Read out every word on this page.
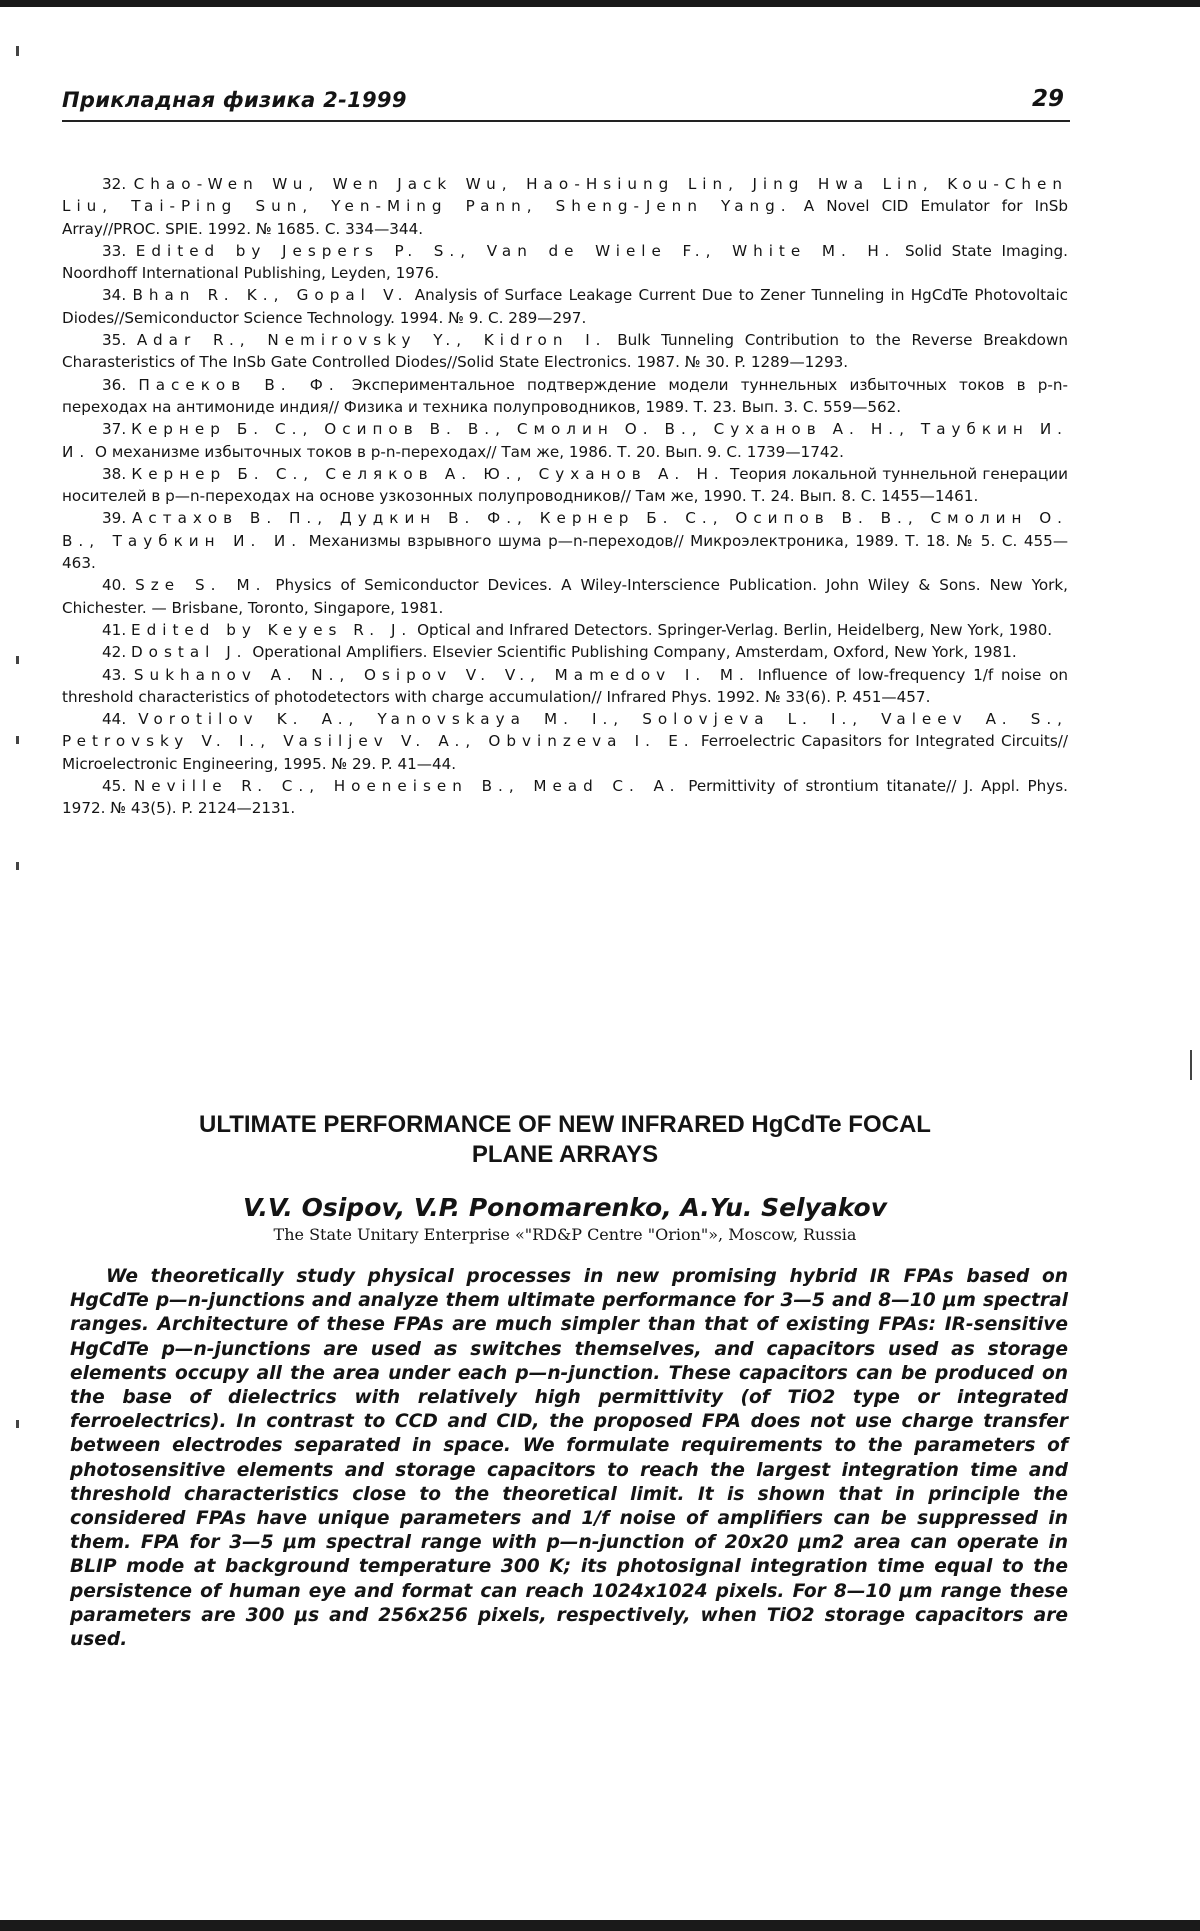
Прикладная физика 2-1999	29

32. Chao-Wen Wu, Wen Jack Wu, Hao-Hsiung Lin, Jing Hwa Lin, Kou-Chen Liu, Tai-Ping Sun, Yen-Ming Pann, Sheng-Jenn Yang. A Novel CID Emulator for InSb Array//PROC. SPIE. 1992. № 1685. C. 334—344.

33. Edited by Jespers P. S., Van de Wiele F., White M. H. Solid State Imaging. Noordhoff International Publishing, Leyden, 1976.

34. Bhan R. K., Gopal V. Analysis of Surface Leakage Current Due to Zener Tunneling in HgCdTe Photovoltaic Diodes//Semiconductor Science Technology. 1994. № 9. C. 289—297.

35. Adar R., Nemirovsky Y., Kidron I. Bulk Tunneling Contribution to the Reverse Breakdown Charasteristics of The InSb Gate Controlled Diodes//Solid State Electronics. 1987. № 30. P. 1289—1293.

36. Пасеков В. Ф. Экспериментальное подтверждение модели туннельных избыточных токов в p-n-переходах на антимониде индия// Физика и техника полупроводников, 1989. Т. 23. Вып. 3. С. 559—562.

37. Кернер Б. С., Осипов В. В., Смолин О. В., Суханов А. Н., Таубкин И. И. О механизме избыточных токов в p-n-переходах// Там же, 1986. Т. 20. Вып. 9. С. 1739—1742.

38. Кернер Б. С., Селяков А. Ю., Суханов А. Н. Теория локальной туннельной генерации носителей в p—n-переходах на основе узкозонных полупроводников// Там же, 1990. Т. 24. Вып. 8. С. 1455—1461.

39. Астахов В. П., Дудкин В. Ф., Кернер Б. С., Осипов В. В., Смолин О. В., Таубкин И. И. Механизмы взрывного шума p—n-переходов// Микроэлектроника, 1989. Т. 18. № 5. С. 455—463.

40. Sze S. M. Physics of Semiconductor Devices. A Wiley-Interscience Publication. John Wiley & Sons. New York, Chichester. — Brisbane, Toronto, Singapore, 1981.

41. Edited by Keyes R. J. Optical and Infrared Detectors. Springer-Verlag. Berlin, Heidelberg, New York, 1980.

42. Dostal J. Operational Amplifiers. Elsevier Scientific Publishing Company, Amsterdam, Oxford, New York, 1981.

43. Sukhanov A. N., Osipov V. V., Mamedov I. M. Influence of low-frequency 1/f noise on threshold characteristics of photodetectors with charge accumulation// Infrared Phys. 1992. № 33(6). P. 451—457.

44. Vorotilov K. A., Yanovskaya M. I., Solovjeva L. I., Valeev A. S., Petrovsky V. I., Vasiljev V. A., Obvinzeva I. E. Ferroelectric Capasitors for Integrated Circuits// Microelectronic Engineering, 1995. № 29. P. 41—44.

45. Neville R. C., Hoeneisen B., Mead C. A. Permittivity of strontium titanate// J. Appl. Phys. 1972. № 43(5). P. 2124—2131.

ULTIMATE PERFORMANCE OF NEW INFRARED HgCdTe FOCAL
PLANE ARRAYS
V.V. Osipov, V.P. Ponomarenko, A.Yu. Selyakov
The State Unitary Enterprise «"RD&P Centre "Orion"», Moscow, Russia

We theoretically study physical processes in new promising hybrid IR FPAs based on HgCdTe p—n-junctions and analyze them ultimate performance for 3—5 and 8—10 μm spectral ranges. Architecture of these FPAs are much simpler than that of existing FPAs: IR-sensitive HgCdTe p—n-junctions are used as switches themselves, and capacitors used as storage elements occupy all the area under each p—n-junction. These capacitors can be produced on the base of dielectrics with relatively high permittivity (of TiO2 type or integrated ferroelectrics). In contrast to CCD and CID, the proposed FPA does not use charge transfer between electrodes separated in space. We formulate requirements to the parameters of photosensitive elements and storage capacitors to reach the largest integration time and threshold characteristics close to the theoretical limit. It is shown that in principle the considered FPAs have unique parameters and 1/f noise of amplifiers can be suppressed in them. FPA for 3—5 μm spectral range with p—n-junction of 20x20 μm2 area can operate in BLIP mode at background temperature 300 K; its photosignal integration time equal to the persistence of human eye and format can reach 1024x1024 pixels. For 8—10 μm range these parameters are 300 μs and 256x256 pixels, respectively, when TiO2 storage capacitors are used.
